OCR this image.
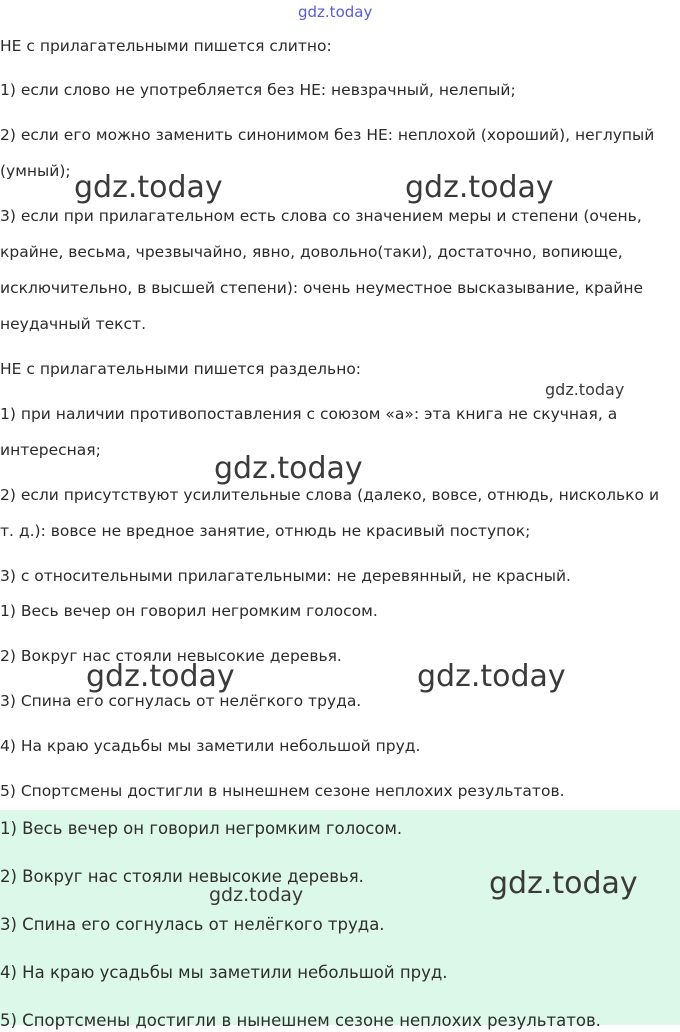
gdz.today
НЕ с прилагательными пишется слитно:
1) если слово не употребляется без НЕ: невзрачный, нелепый;
2) если его можно заменить синонимом без НЕ: неплохой (хороший), неглупый
(умный);
3) если при прилагательном есть слова со значением меры и степени (очень,
крайне, весьма, чрезвычайно, явно, довольно(таки), достаточно, вопиюще,
исключительно, в высшей степени): очень неуместное высказывание, крайне
неудачный текст.
НЕ с прилагательными пишется раздельно:
1) при наличии противопоставления с союзом «а»: эта книга не скучная, а
интересная;
2) если присутствуют усилительные слова (далеко, вовсе, отнюдь, нисколько и
т. д.): вовсе не вредное занятие, отнюдь не красивый поступок;
3) с относительными прилагательными: не деревянный, не красный.
1) Весь вечер он говорил негромким голосом.
2) Вокруг нас стояли невысокие деревья.
3) Спина его согнулась от нелёгкого труда.
4) На краю усадьбы мы заметили небольшой пруд.
5) Спортсмены достигли в нынешнем сезоне неплохих результатов.
1) Весь вечер он говорил негромким голосом.
2) Вокруг нас стояли невысокие деревья.
3) Спина его согнулась от нелёгкого труда.
4) На краю усадьбы мы заметили небольшой пруд.
5) Спортсмены достигли в нынешнем сезоне неплохих результатов.
gdz.today	gdz.today
gdz.today
gdz.today
gdz.today	gdz.today
gdz.today	gdz.today
